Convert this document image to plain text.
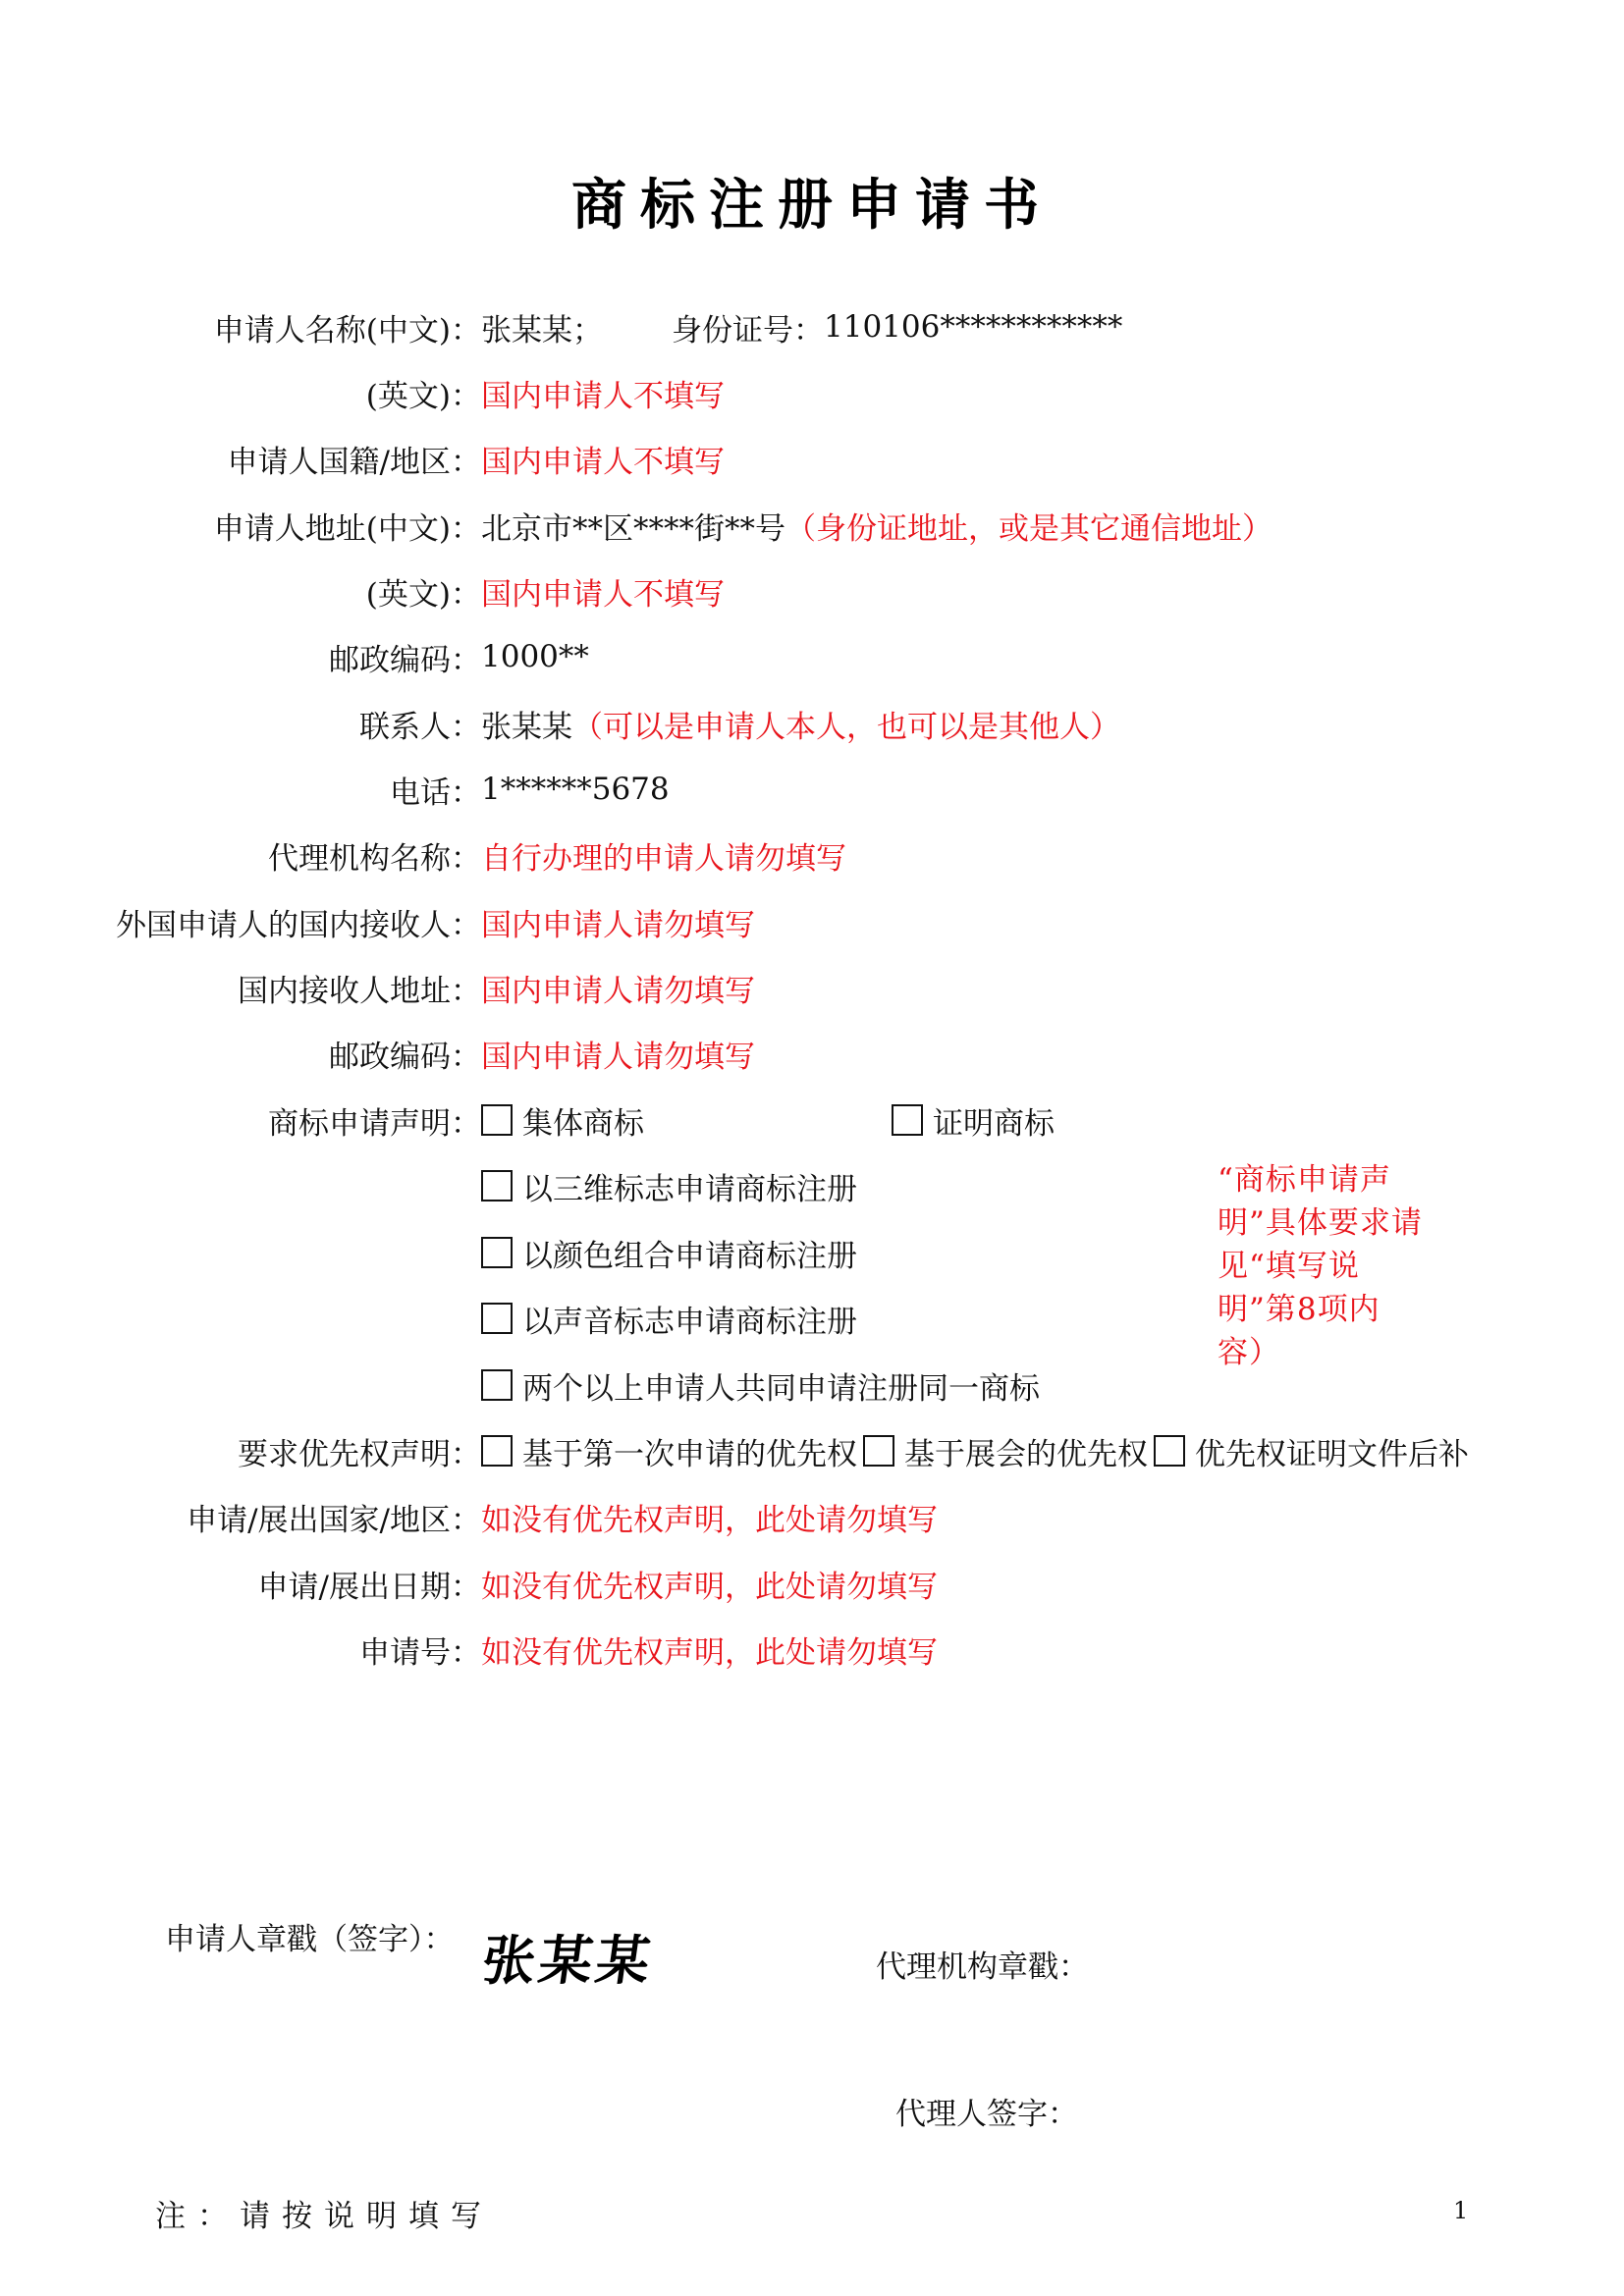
商标注册申请书
申请人名称(中文)： 张某某； 身份证号： 110106************
(英文)： 国内申请人不填写
申请人国籍/地区： 国内申请人不填写
申请人地址(中文)： 北京市**区****街**号 （身份证地址，或是其它通信地址）
(英文)： 国内申请人不填写
邮政编码： 1000**
联系人： 张某某 （可以是申请人本人，也可以是其他人）
电话： 1******5678
代理机构名称： 自行办理的申请人请勿填写
外国申请人的国内接收人： 国内申请人请勿填写
国内接收人地址： 国内申请人请勿填写
邮政编码： 国内申请人请勿填写
商标申请声明： 集体商标	证明商标
以三维标志申请商标注册
以颜色组合申请商标注册
以声音标志申请商标注册
两个以上申请人共同申请注册同一商标
“商标申请声明”具体要求请见“填写说明”第8项内容）
要求优先权声明： 基于第一次申请的优先权 基于展会的优先权 优先权证明文件后补
申请/展出国家/地区： 如没有优先权声明，此处请勿填写
申请/展出日期： 如没有优先权声明，此处请勿填写
申请号： 如没有优先权声明，此处请勿填写
申请人章戳（签字）： 张某某	代理机构章戳：
代理人签字：
注：请按说明填写	1
